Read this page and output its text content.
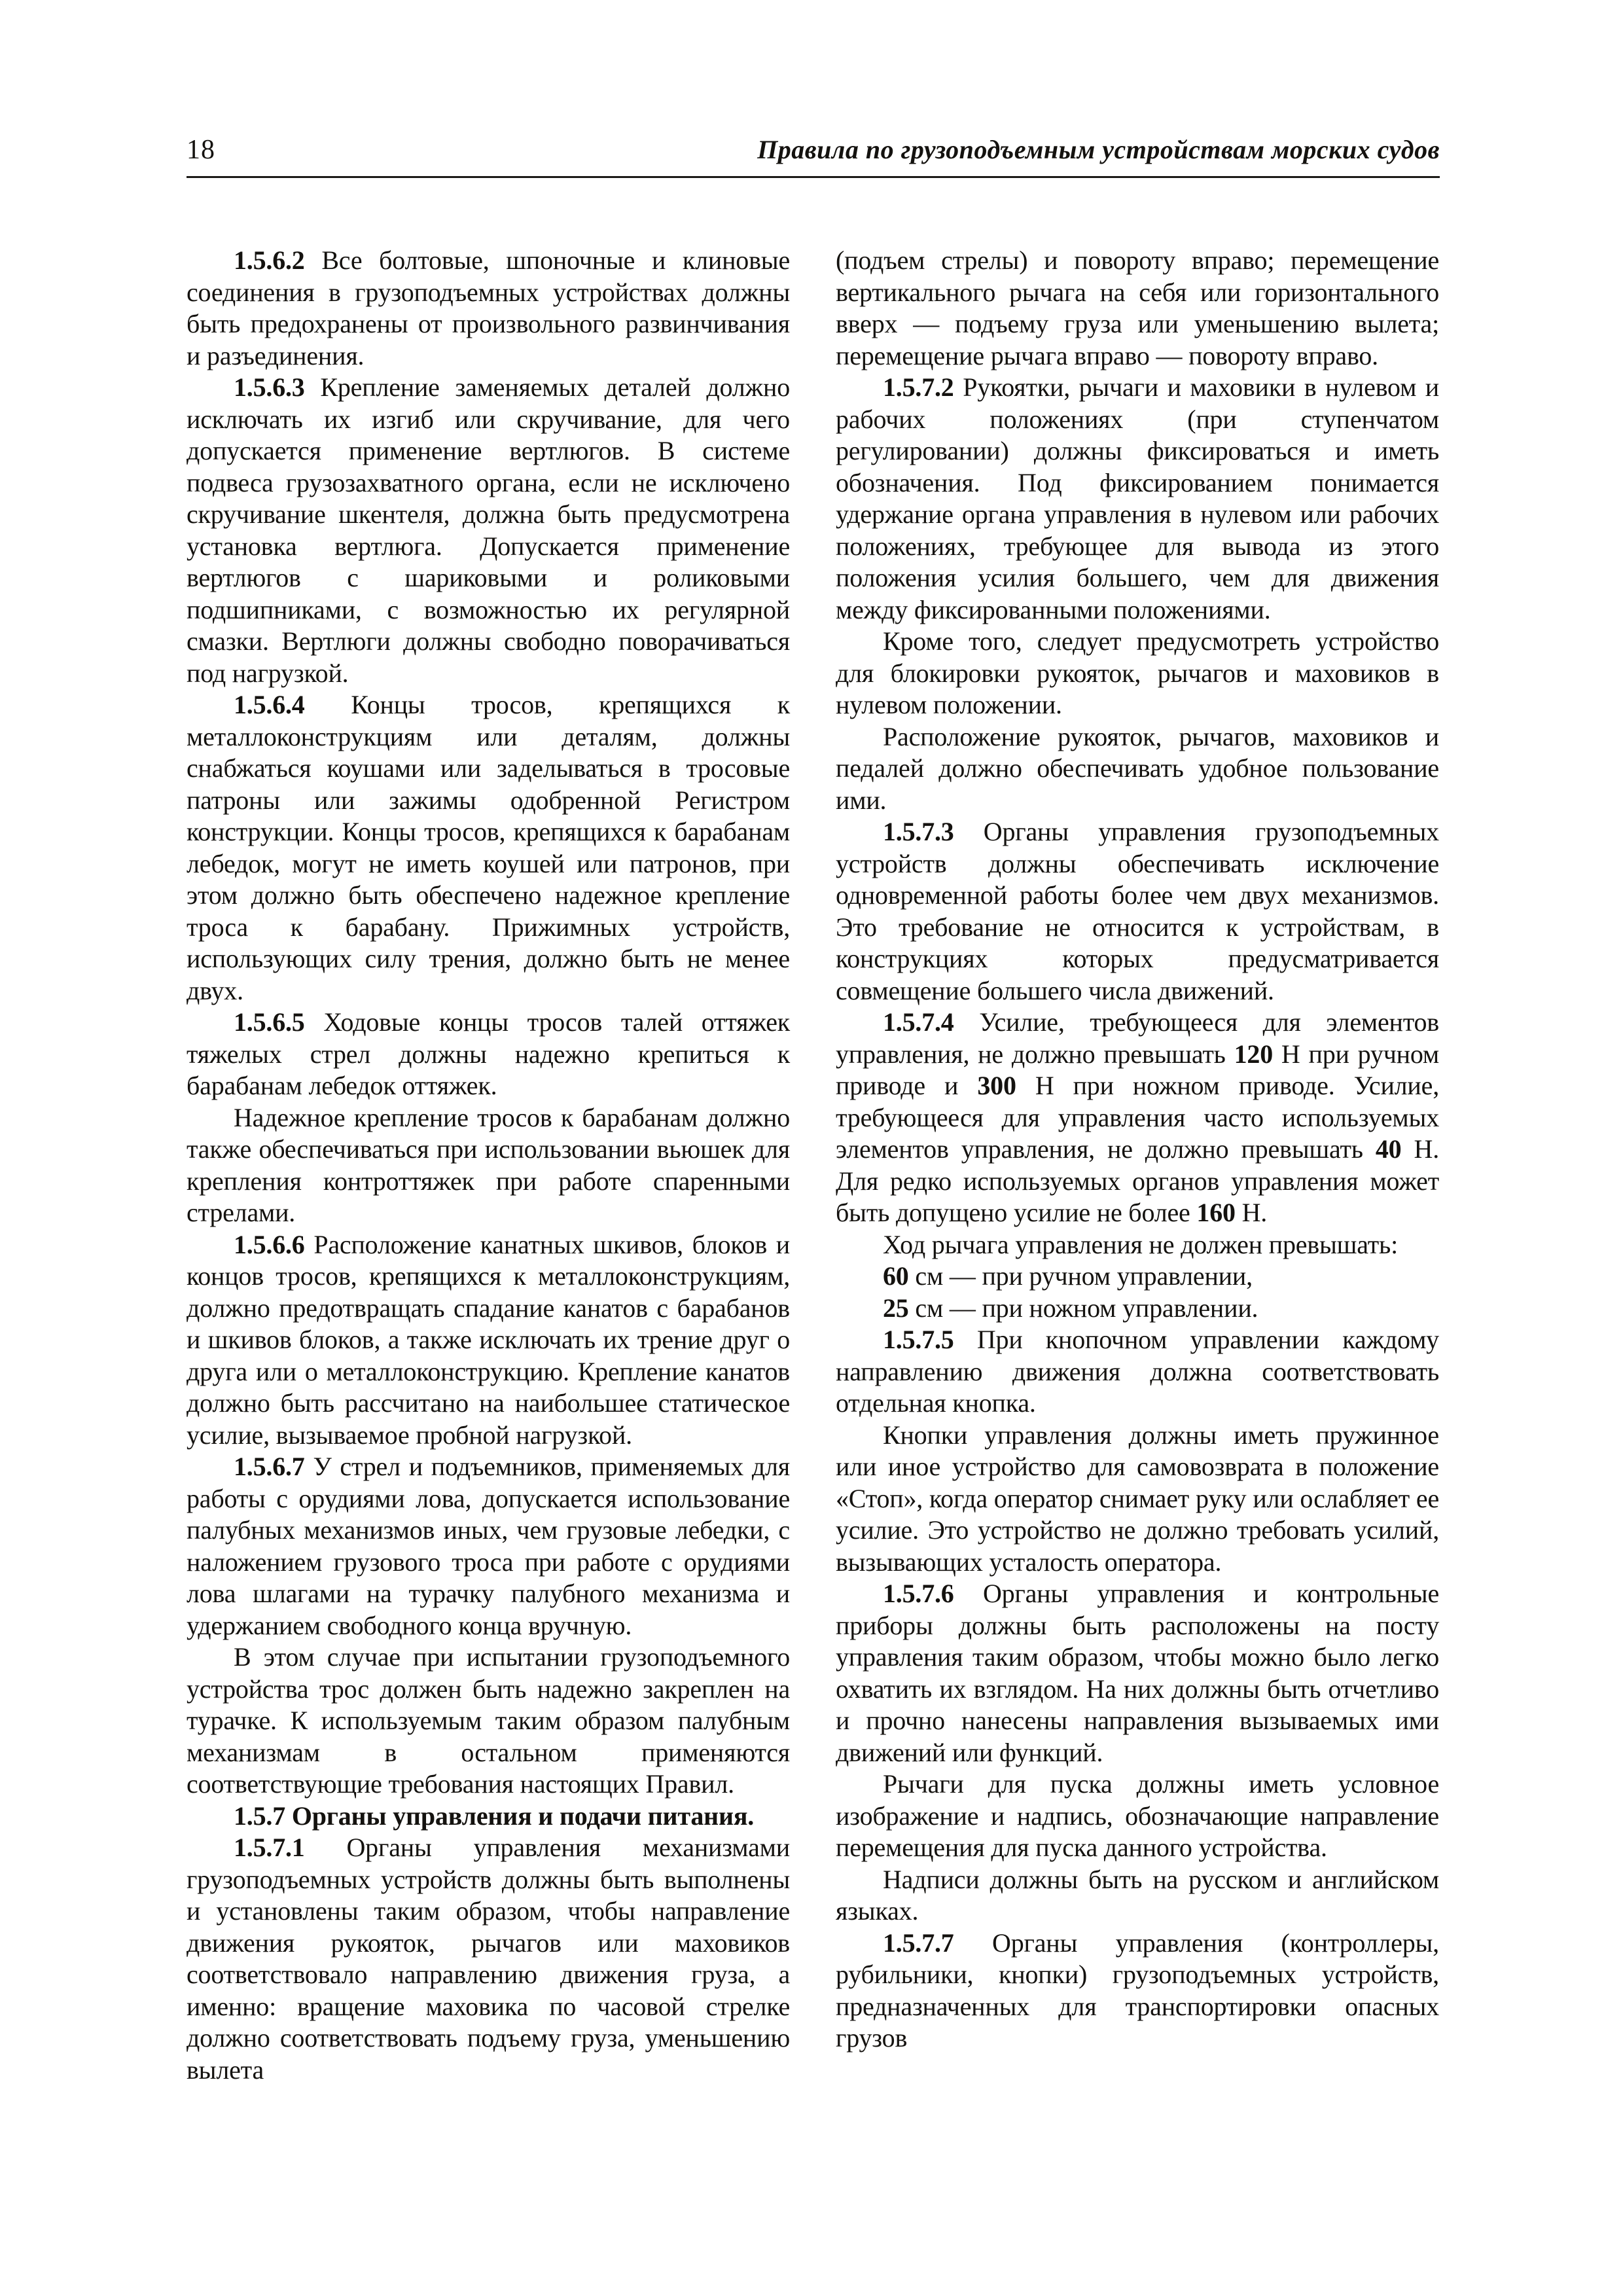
18	Правила по грузоподъемным устройствам морских судов

1.5.6.2 Все болтовые, шпоночные и клиновые соединения в грузоподъемных устройствах должны быть предохранены от произвольного развинчивания и разъединения.

1.5.6.3 Крепление заменяемых деталей должно исключать их изгиб или скручивание, для чего допускается применение вертлюгов. В системе подвеса грузозахватного органа, если не исключено скручивание шкентеля, должна быть предусмотрена установка вертлюга. Допускается применение вертлюгов с шариковыми и роликовыми подшипниками, с возможностью их регулярной смазки. Вертлюги должны свободно поворачиваться под нагрузкой.

1.5.6.4 Концы тросов, крепящихся к металлоконструкциям или деталям, должны снабжаться коушами или заделываться в тросовые патроны или зажимы одобренной Регистром конструкции. Концы тросов, крепящихся к барабанам лебедок, могут не иметь коушей или патронов, при этом должно быть обеспечено надежное крепление троса к барабану. Прижимных устройств, использующих силу трения, должно быть не менее двух.

1.5.6.5 Ходовые концы тросов талей оттяжек тяжелых стрел должны надежно крепиться к барабанам лебедок оттяжек.

Надежное крепление тросов к барабанам должно также обеспечиваться при использовании вьюшек для крепления контроттяжек при работе спаренными стрелами.

1.5.6.6 Расположение канатных шкивов, блоков и концов тросов, крепящихся к металлоконструкциям, должно предотвращать спадание канатов с барабанов и шкивов блоков, а также исключать их трение друг о друга или о металлоконструкцию. Крепление канатов должно быть рассчитано на наибольшее статическое усилие, вызываемое пробной нагрузкой.

1.5.6.7 У стрел и подъемников, применяемых для работы с орудиями лова, допускается использование палубных механизмов иных, чем грузовые лебедки, с наложением грузового троса при работе с орудиями лова шлагами на турачку палубного механизма и удержанием свободного конца вручную.

В этом случае при испытании грузоподъемного устройства трос должен быть надежно закреплен на турачке. К используемым таким образом палубным механизмам в остальном применяются соответствующие требования настоящих Правил.

1.5.7 Органы управления и подачи питания.

1.5.7.1 Органы управления механизмами грузоподъемных устройств должны быть выполнены и установлены таким образом, чтобы направление движения рукояток, рычагов или маховиков соответствовало направлению движения груза, а именно: вращение маховика по часовой стрелке должно соответствовать подъему груза, уменьшению вылета

(подъем стрелы) и повороту вправо; перемещение вертикального рычага на себя или горизонтального вверх — подъему груза или уменьшению вылета; перемещение рычага вправо — повороту вправо.

1.5.7.2 Рукоятки, рычаги и маховики в нулевом и рабочих положениях (при ступенчатом регулировании) должны фиксироваться и иметь обозначения. Под фиксированием понимается удержание органа управления в нулевом или рабочих положениях, требующее для вывода из этого положения усилия большего, чем для движения между фиксированными положениями.

Кроме того, следует предусмотреть устройство для блокировки рукояток, рычагов и маховиков в нулевом положении.

Расположение рукояток, рычагов, маховиков и педалей должно обеспечивать удобное пользование ими.

1.5.7.3 Органы управления грузоподъемных устройств должны обеспечивать исключение одновременной работы более чем двух механизмов. Это требование не относится к устройствам, в конструкциях которых предусматривается совмещение большего числа движений.

1.5.7.4 Усилие, требующееся для элементов управления, не должно превышать 120 Н при ручном приводе и 300 Н при ножном приводе. Усилие, требующееся для управления часто используемых элементов управления, не должно превышать 40 Н. Для редко используемых органов управления может быть допущено усилие не более 160 Н.

Ход рычага управления не должен превышать:

60 см — при ручном управлении,

25 см — при ножном управлении.

1.5.7.5 При кнопочном управлении каждому направлению движения должна соответствовать отдельная кнопка.

Кнопки управления должны иметь пружинное или иное устройство для самовозврата в положение «Стоп», когда оператор снимает руку или ослабляет ее усилие. Это устройство не должно требовать усилий, вызывающих усталость оператора.

1.5.7.6 Органы управления и контрольные приборы должны быть расположены на посту управления таким образом, чтобы можно было легко охватить их взглядом. На них должны быть отчетливо и прочно нанесены направления вызываемых ими движений или функций.

Рычаги для пуска должны иметь условное изображение и надпись, обозначающие направление перемещения для пуска данного устройства.

Надписи должны быть на русском и английском языках.

1.5.7.7 Органы управления (контроллеры, рубильники, кнопки) грузоподъемных устройств, предназначенных для транспортировки опасных грузов
